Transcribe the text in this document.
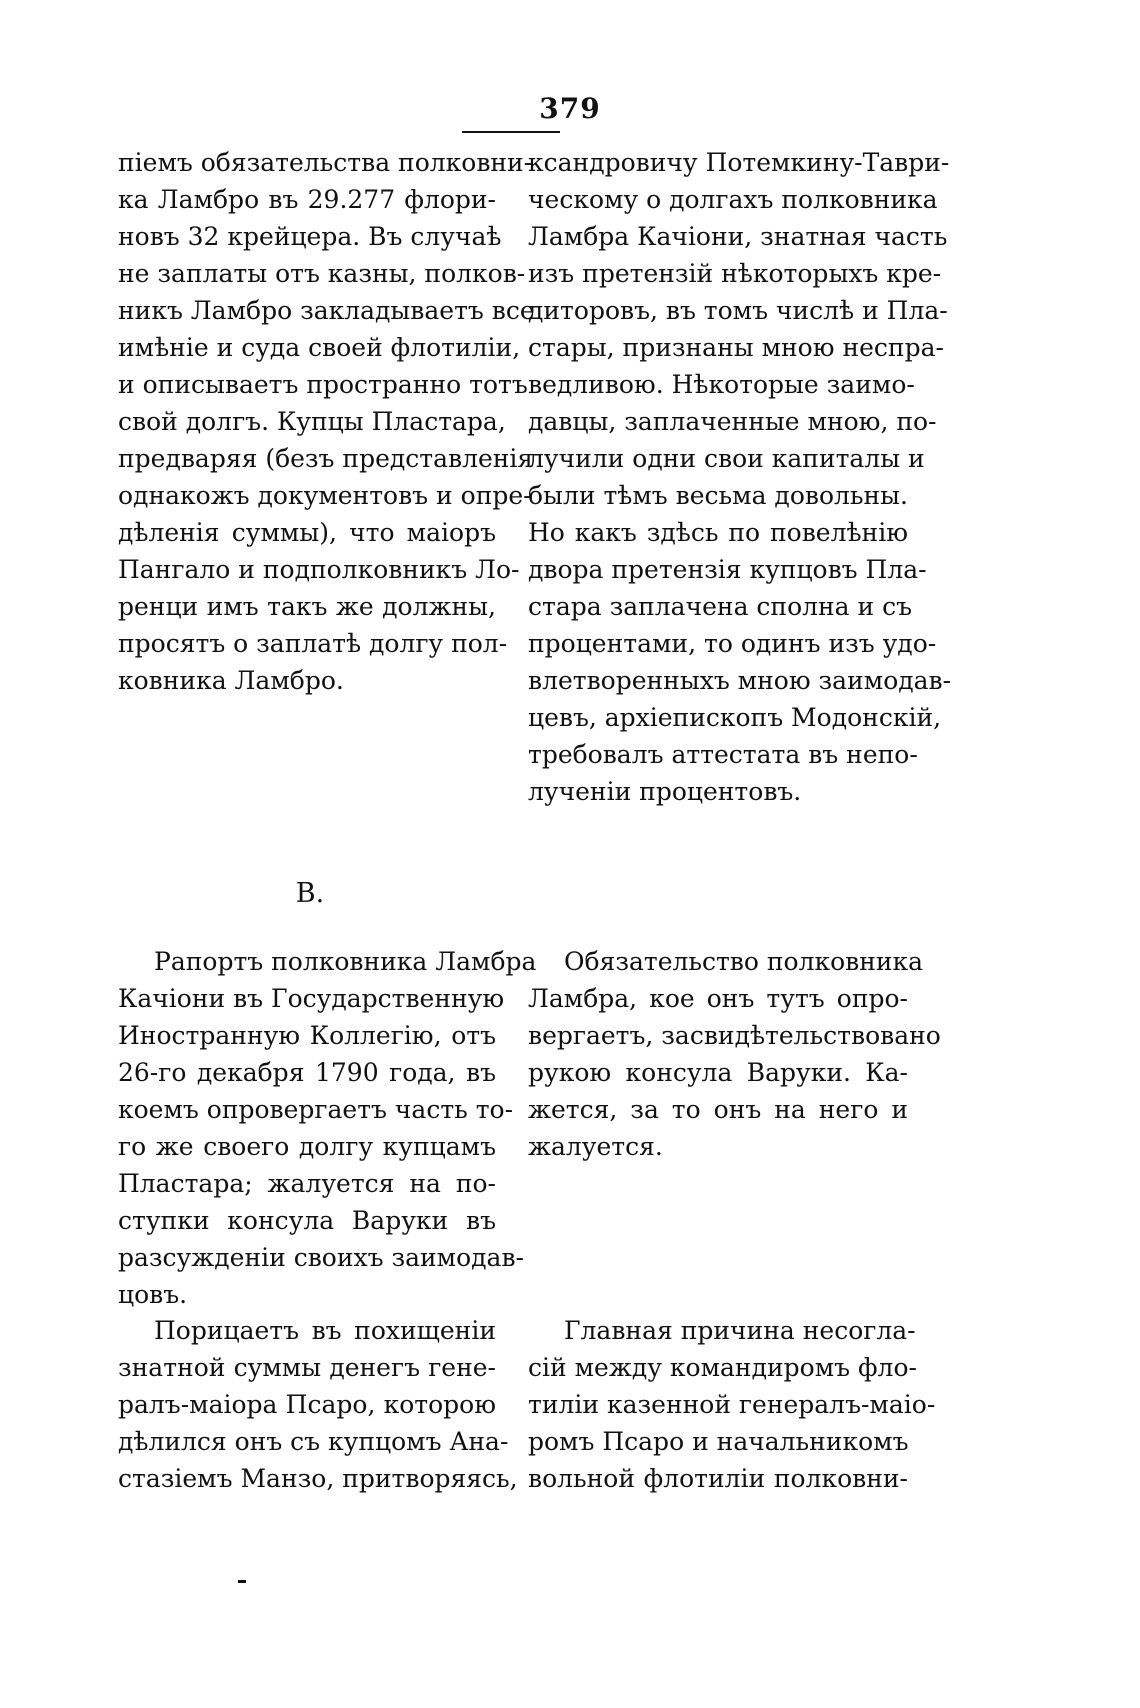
379
піемъ обязательства полковни-
ка Ламбро въ 29.277 флори-
новъ 32 крейцера. Въ случаѣ
не заплаты отъ казны, полков-
никъ Ламбро закладываетъ все
имѣніе и суда своей флотиліи,
и описываетъ пространно тотъ
свой долгъ. Купцы Пластара,
предваряя (безъ представленія
однакожъ документовъ и опре-
дѣленія суммы), что маіоръ
Пангало и подполковникъ Ло-
ренци имъ такъ же должны,
просятъ о заплатѣ долгу пол-
ковника Ламбро.
ксандровичу Потемкину-Таври-
ческому о долгахъ полковника
Ламбра Качіони, знатная часть
изъ претензій нѣкоторыхъ кре-
диторовъ, въ томъ числѣ и Пла-
стары, признаны мною неспра-
ведливою. Нѣкоторые заимо-
давцы, заплаченные мною, по-
лучили одни свои капиталы и
были тѣмъ весьма довольны.
Но какъ здѣсь по повелѣнію
двора претензія купцовъ Пла-
стара заплачена сполна и съ
процентами, то одинъ изъ удо-
влетворенныхъ мною заимодав-
цевъ, архіепископъ Модонскій,
требовалъ аттестата въ непо-
лученіи процентовъ.
В.
Рапортъ полковника Ламбра
Качіони въ Государственную
Иностранную Коллегію, отъ
26-го декабря 1790 года, въ
коемъ опровергаетъ часть то-
го же своего долгу купцамъ
Пластара; жалуется на по-
ступки консула Варуки въ
разсужденіи своихъ заимодав-
цовъ.
Обязательство полковника
Ламбра, кое онъ тутъ опро-
вергаетъ, засвидѣтельствовано
рукою консула Варуки. Ка-
жется, за то онъ на него и
жалуется.
Порицаетъ въ похищеніи
знатной суммы денегъ гене-
ралъ-маіора Псаро, которою
дѣлился онъ съ купцомъ Ана-
стазіемъ Манзо, притворяясь,
Главная причина несогла-
сій между командиромъ фло-
тиліи казенной генералъ-маіо-
ромъ Псаро и начальникомъ
вольной флотиліи полковни-
